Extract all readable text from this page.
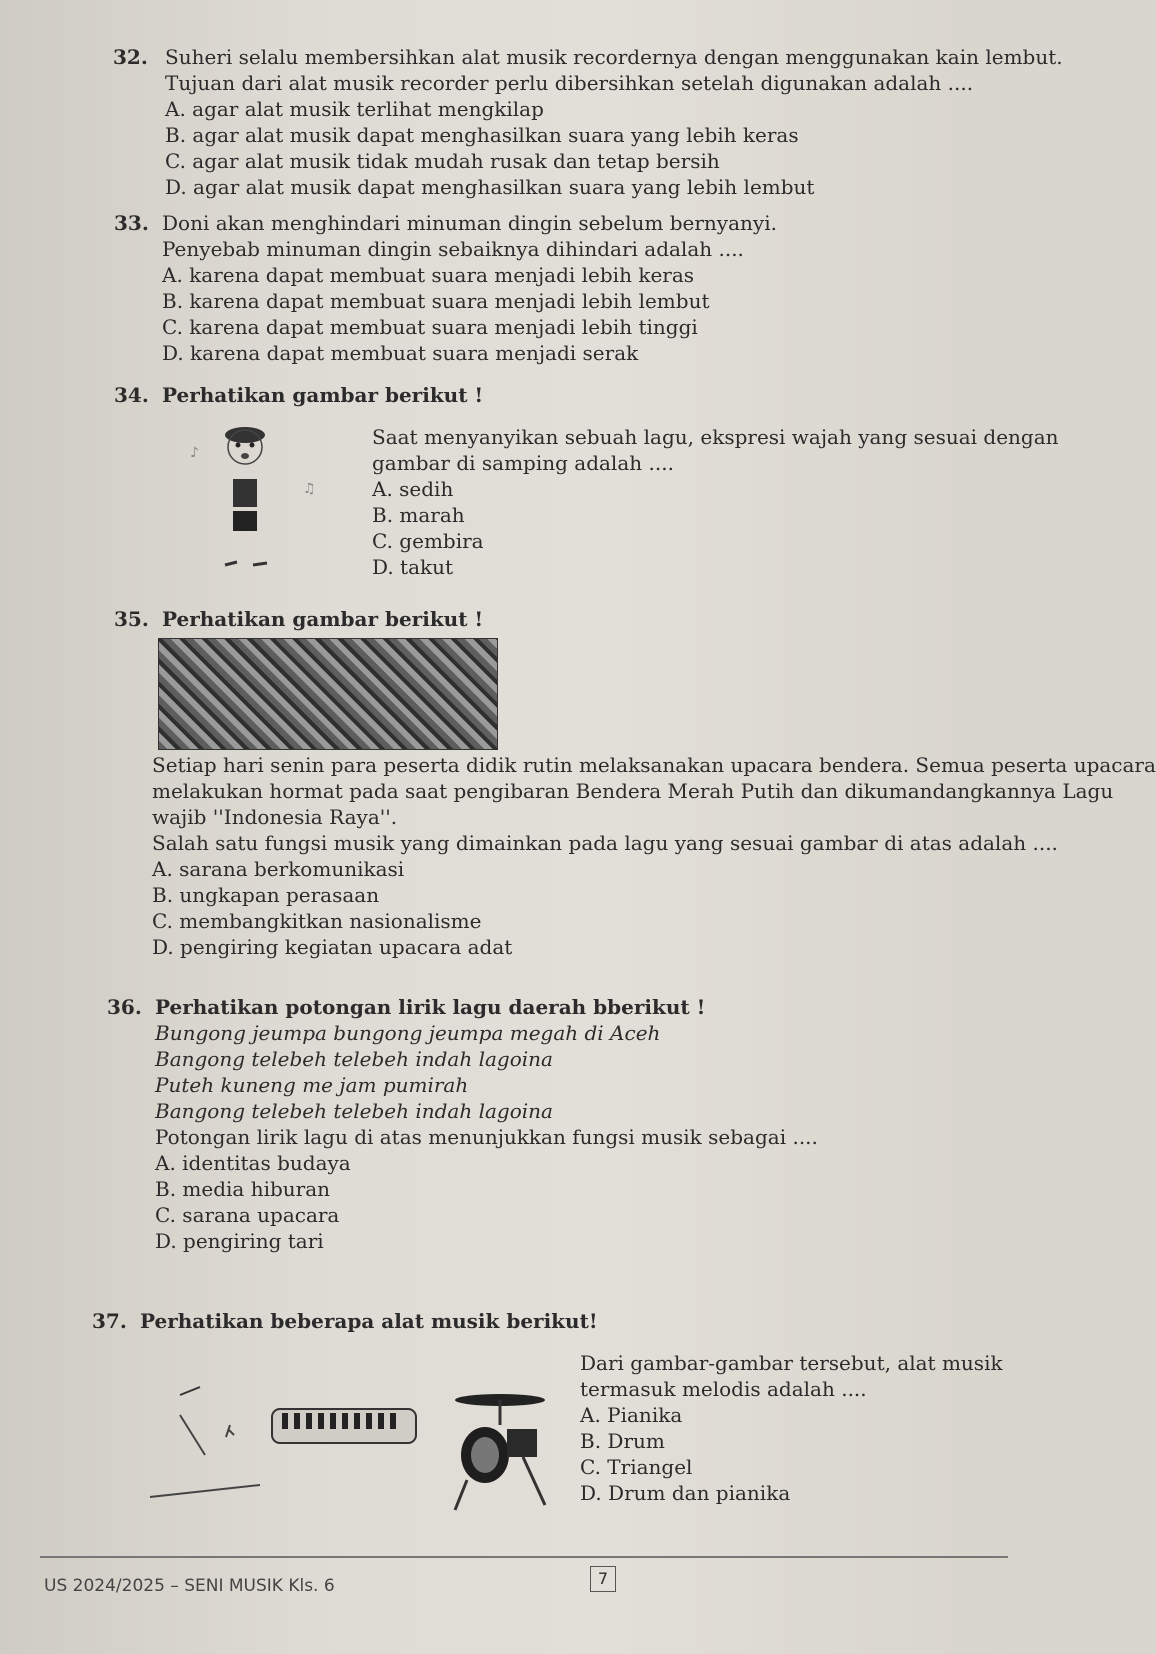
32. Suheri selalu membersihkan alat musik recordernya dengan menggunakan kain lembut.
Tujuan dari alat musik recorder perlu dibersihkan setelah digunakan adalah ....
A. agar alat musik terlihat mengkilap
B. agar alat musik dapat menghasilkan suara yang lebih keras
C. agar alat musik tidak mudah rusak dan tetap bersih
D. agar alat musik dapat menghasilkan suara yang lebih lembut
33. Doni akan menghindari minuman dingin sebelum bernyanyi.
Penyebab minuman dingin sebaiknya dihindari adalah ....
A. karena dapat membuat suara menjadi lebih keras
B. karena dapat membuat suara menjadi lebih lembut
C. karena dapat membuat suara menjadi lebih tinggi
D. karena dapat membuat suara menjadi serak
34. Perhatikan gambar berikut !
♪
♫
Saat menyanyikan sebuah lagu, ekspresi wajah yang sesuai dengan
gambar di samping adalah ....
A. sedih
B. marah
C. gembira
D. takut
35. Perhatikan gambar berikut !
Setiap hari senin para peserta didik rutin melaksanakan upacara bendera. Semua peserta upacara
melakukan hormat pada saat pengibaran Bendera Merah Putih dan dikumandangkannya Lagu
wajib ''Indonesia Raya''.
Salah satu fungsi musik yang dimainkan pada lagu yang sesuai gambar di atas adalah ....
A. sarana berkomunikasi
B. ungkapan perasaan
C. membangkitkan nasionalisme
D. pengiring kegiatan upacara adat
36. Perhatikan potongan lirik lagu daerah bberikut !
Bungong jeumpa bungong jeumpa megah di Aceh
Bangong telebeh telebeh indah lagoina
Puteh kuneng me jam pumirah
Bangong telebeh telebeh indah lagoina
Potongan lirik lagu di atas menunjukkan fungsi musik sebagai ....
A. identitas budaya
B. media hiburan
C. sarana upacara
D. pengiring tari
37. Perhatikan beberapa alat musik berikut!
Dari gambar-gambar tersebut, alat musik
termasuk melodis adalah ....
A. Pianika
B. Drum
C. Triangel
D. Drum dan pianika
7
US 2024/2025 – SENI MUSIK Kls. 6
